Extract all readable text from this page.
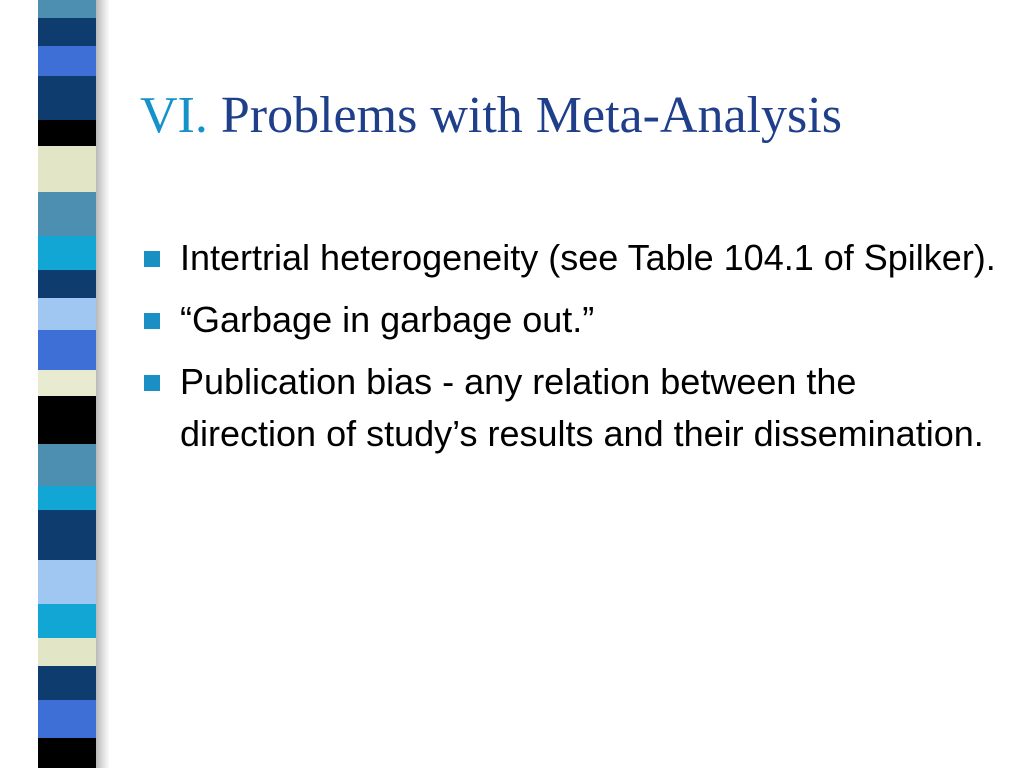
VI. Problems with Meta-Analysis
Intertrial heterogeneity (see Table 104.1 of Spilker).
“Garbage in garbage out.”
Publication bias - any relation between the direction of study’s results and their dissemination.
